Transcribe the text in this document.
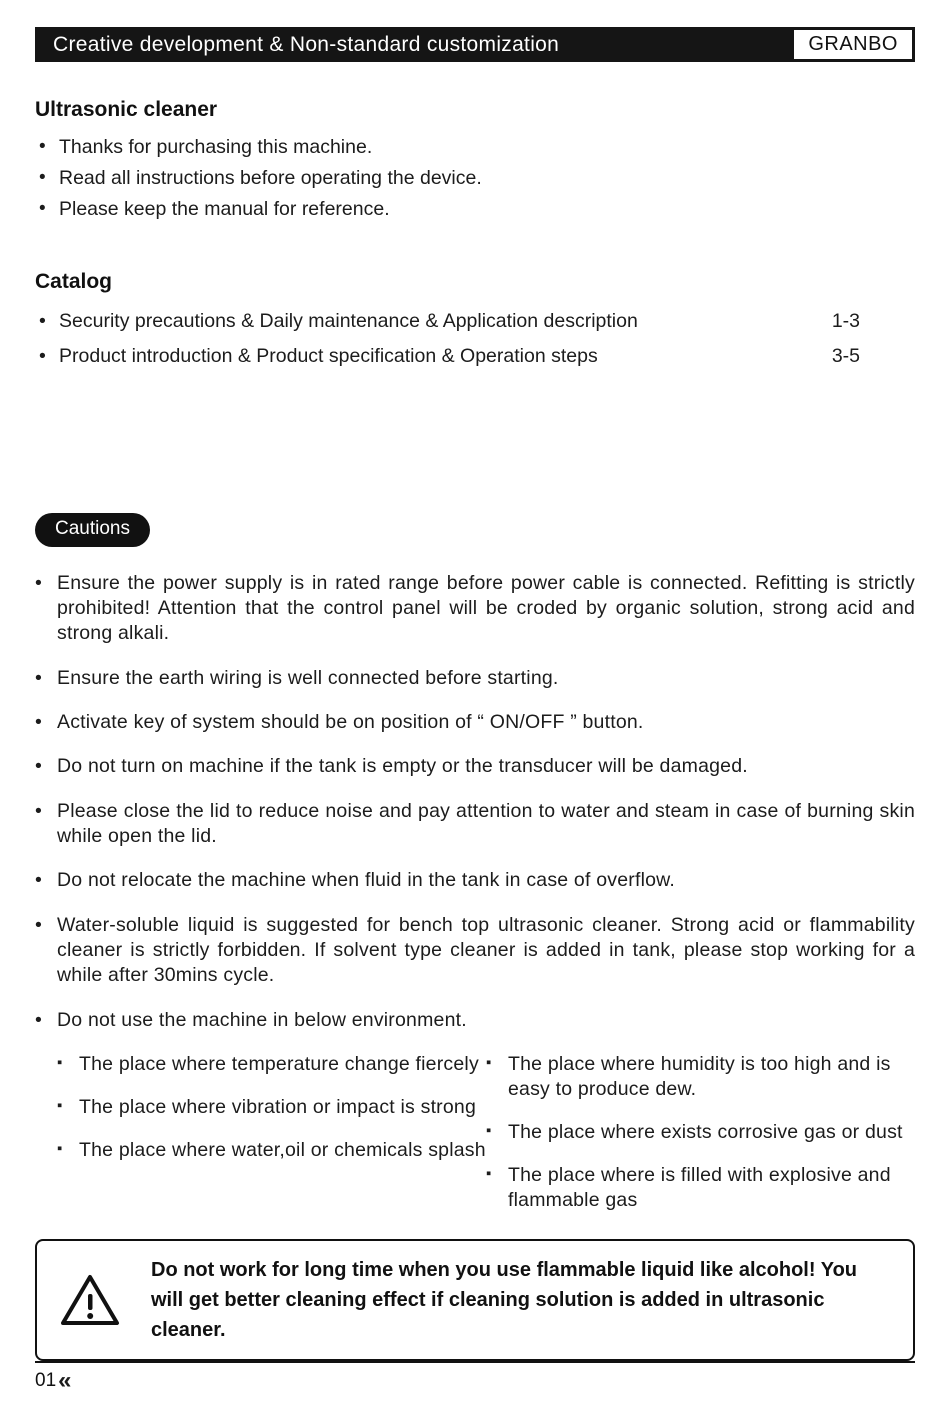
Creative development & Non-standard customization	GRANBO
Ultrasonic cleaner
• Thanks for purchasing this machine.
• Read all instructions before operating the device.
• Please keep the manual for reference.
Catalog
• Security precautions & Daily maintenance & Application description	1-3
• Product introduction & Product specification & Operation steps	3-5
Cautions
• Ensure the power supply is in rated range before power cable is connected. Refitting is strictly prohibited! Attention that the control panel will be croded by organic solution, strong acid and strong alkali.
• Ensure the earth wiring is well connected before starting.
• Activate key of system should be on position of “ ON/OFF ” button.
• Do not turn on machine if the tank is empty or the transducer will be damaged.
• Please close the lid to reduce noise and pay attention to water and steam in case of burning skin while open the lid.
• Do not relocate the machine when fluid in the tank in case of overflow.
• Water-soluble liquid is suggested for bench top ultrasonic cleaner. Strong acid or flammability cleaner is strictly forbidden. If solvent type cleaner is added in tank, please stop working for a while after 30mins cycle.
• Do not use the machine in below environment.
▪ The place where temperature change fiercely
▪ The place where vibration or impact is strong
▪ The place where water,oil or chemicals splash
▪ The place where humidity is too high and is easy to produce dew.
▪ The place where exists corrosive gas or dust
▪ The place where is filled with explosive and flammable gas
Do not work for long time when you use flammable liquid like alcohol! You will get better cleaning effect if cleaning solution is added in ultrasonic cleaner.
01 «
